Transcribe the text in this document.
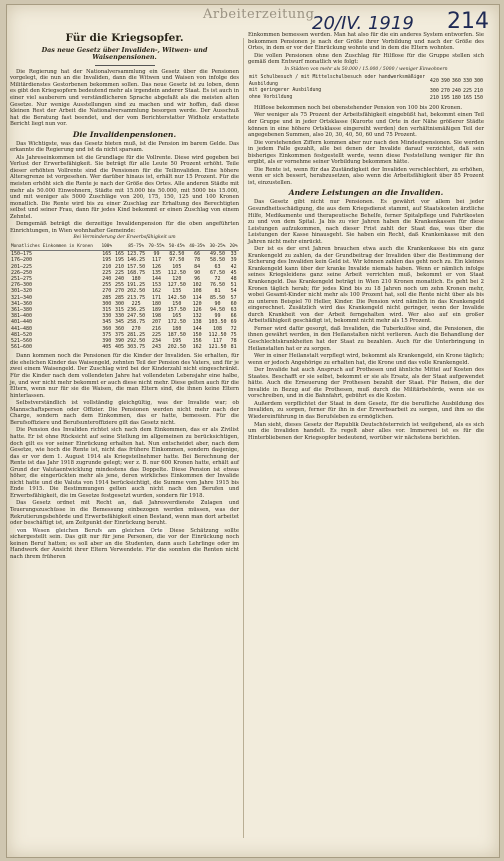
Arbeiterzeitung
20/IV. 1919 214
Für die Kriegsopfer.
Das neue Gesetz über Invaliden-, Witwen- und Waisenpensionen.

Die Regierung hat der Nationalversammlung ein Gesetz über die Pensionen vorgelegt, die nun an die Invaliden, dann die Witwen und Waisen von infolge des Militärdienstes Gestorbenen bekommen sollen. Das neue Gesetz ist zu loben, denn es gibt den Kriegsopfern bedeutend mehr als irgendein anderer Staat. Es ist auch in einer viel sauberern und verständlicheren Sprache abgefaßt als die meisten alten Gesetze. Nur wenige Ausstellungen sind zu machen und wir hoffen, daß diese kleinen Rest der Arbeit die Nationalversammlung besorgen werde. Der Ausschuß hat die Beratung fast beendet, und der vom Berichterstatter Widholz erstattete Bericht liegt nun vor.

Die Invalidenpensionen.

Das Wichtigste, was das Gesetz bieten muß, ist die Pension im barem Gelde. Das erkannte die Regierung und ist da nicht sparsam.

Als Jahreseinkommen ist die Grundlage für die Vollrente. Diese wird gegeben bei Verlust der Erwerbsfähigkeit. Sie beträgt für alle Leute 50 Prozent erhöht. Teile dieser erhöhten Vollrente sind die Pensionen für die Teilinvaliden. Eine höhere Altersgrenze ist vorgesehen. Wer darüber hinaus ist, erhält nur 15 Prozent. Für die meisten erhöht sich die Rente je nach der Größe des Ortes. Alle anderen Städte mit mehr als 50.000 Einwohnern, Städte mit 15.000 bis 50.000, mit 5000 bis 15.000, und mit weniger als 5000 Zuschläge von 200, 175, 150, 125 und 100 Kronen monatlich. Die Rente wird bis zu einer Zuschlag zur Erhaltung des Berechtigten selbst und seiner Frau, dann für jedes Kind bekommt er einen Zuschlag von einem Zehntel.

Demgemäß beträgt die derzeitige Invalidenpension für die oben angeführten Einrichtungen, in Wien wohnhafter Gemeinde:

Bei Verminderung der Erwerbsfähigkeit um
Monatliches Einkommen in Kronen	100%		85-75%	70-55%	50-45%	40-35%	30-25%	20%
150—175	165	165	123.75	99	82.50	66	49.50	33
176—200	195	195	146.25	117	97.50	78	58.50	39
201—225	210	210	157.50	126	105	84	63	42
226—250	225	225	168.75	135	112.50	90	67.50	45
251—275	240	240	180	144	120	96	72	48
276—300	255	255	191.25	153	127.50	102	76.50	51
301—320	270	270	202.50	162	135	108	81	54
321—340	285	285	213.75	171	142.50	114	85.50	57
341—360	300	300	225	180	150	120	90	60
361—380	315	315	236.25	189	157.50	126	94.50	63
381—400	330	330	247.50	198	165	132	99	66
401—440	345	345	258.75	207	172.50	138	103.50	69
441—480	360	360	270	216	180	144	108	72
481—520	375	375	281.25	225	187.50	150	112.50	75
521—560	390	390	292.50	234	195	156	117	78
561—600	405	405	303.75	243	202.50	162	121.50	81

Dann kommen noch die Pensionen für die Kinder der Invaliden. Sie erhalten, für die ehelichen Kinder das Waisengeld, zehnten Teil der Pension des Vaters, und für je zwei einem Waisengeld. Der Zuschlag wird bei der Kinderzahl nicht eingeschränkt. Für die Kinder nach dem vollendeten Jahre hat vollendeten Lebensjahr eine halbe, je, und wer nicht mehr bekommt er auch diese nicht mehr. Diese gelten auch für die Eltern, wenn nur für sie die Waisen, die man Eltern sind, die ihnen keine Eltern hinterlassen.

Selbstverständlich ist vollständig gleichgültig, was der Invalide war; ob Mannschaftsperson oder Offizier. Die Pensionen werden nicht mehr nach der Charge, sondern nach dem Einkommen, das er hatte, bemessen. Für die Berufsoffiziere und Berufsunteroffiziere gilt das Gesetz nicht.

Die Pension des Invaliden richtet sich nach dem Einkommen, das er als Zivilist hatte. Er ist ohne Rücksicht auf seine Stellung im allgemeinen zu berücksichtigen, doch gilt es vor seiner Einrückung erhalten hat. Nun entscheidet aber, nach dem Gesetze, wie hoch die Rente ist, nicht das frühere Einkommen, sondern dasjenige, das er vor dem 1. August 1914 als Kriegsteilnehmer hatte. Bei Berechnung der Rente ist das Jahr 1918 zugrunde gelegt; wer z. B. nur 600 Kronen hatte, erhält auf Grund der Valutaentwicklung mindestens das Doppelte. Diese Pension ist etwas höher, die eingerückten mehr als jene, deren wirkliches Einkommen der Invalide nicht hatte und die Valuta von 1914 berücksichtigt, die Summe vom Jahre 1915 bis Ende 1915. Die Bestimmungen gelten auch nicht nach den Berufen und Erwerbsfähigkeit, die im Gesetze festgesetzt wurden, sondern für 1918.

Das Gesetz ordnet mit Recht an, daß Jahresverdienste Zulagen und Teuerungszuschüsse in die Bemessung einbezogen werden müssen, was der Rekrutierungsbehörde und Erwerbsfähigkeit einen Bestand, wenn man dort arbeitet oder beschäftigt ist, am Zeitpunkt der Einrückung beruht.

von Wesen gleichen Berufs am gleichen Orte Diese Schätzung sollte sichergestellt sein. Das gilt nur für jene Personen, die vor der Einrückung noch keinen Beruf hatten; es soll aber an die Studenten, dann auch Lehrlinge oder im Handwerk der Ansicht ihrer Eltern Verwendete. Für die sonnten die Renten nicht nach ihrem früheren

Einkommen bemessen werden. Man hat also für die ein anderes System entworfen. Sie bekommen Pensionen je nach der Größe ihrer Vorbildung und nach der Größe des Ortes, in dem er vor der Einrückung wohnte und in dem die Eltern wohnten.

Die vollen Pensionen ohne den Zuschlag für Hilflose für die Gruppe stellen sich gemäß dem Entwurf monatlich wie folgt:

In Städten von mehr als 50.000 / 15.000 / 5000 / weniger Einwohnern
mit Schulbesuch / mit Mittelschulbesuch oder handwerksmäßiger Ausbildung	420	390	360	330	300
mit geringerer Ausbildung	300	270	240	225	210
ohne Vorbildung	210	195	180	165	150

Hilflose bekommen noch bei obenstehender Pension von 100 bis 200 Kronen.

Wer weniger als 75 Prozent der Arbeitsfähigkeit eingebüßt hat, bekommt einen Teil der Gruppe und in jeder Ortsklasse (Kurorte und Orte in der Nähe größerer Städte können in eine höhere Ortsklasse eingereiht werden) den verhältnismäßigen Teil der angegebenen Summen, also 20, 30, 40, 50, 60 und 75 Prozent.

Die vorstehenden Ziffern kommen aber nur nach den Mindestpensionen. Sie werden in jedem Falle gezahlt, alle bei denen der Invalide darauf verzichtet, daß sein bisheriges Einkommen festgestellt werde, wenn diese Feststellung weniger für ihn ergibt, als er vornehme seiner Vorbildung bekommen hätte.

Die Rente ist, wenn für das Zuständigkeit der Invaliden verschlechtert, zu erhöhen, wenn er sich bessert, herabzusetzen, also wenn die Arbeitsfähigkeit über 85 Prozent ist, einzustellen.

Andere Leistungen an die Invaliden.

Das Gesetz gibt nicht nur Pensionen. Es gewährt vor allem bei jeder Gesundheitsschädigung, die aus dem Kriegsdienst stammt, auf Staatskosten ärztliche Hilfe, Medikamente und therapeutische Behelfe, ferner Spitalpflege und Fahrtkosten zu und von dem Spital. Ja bis zu vier Jahren haben die Krankenkassen für diese Leistungen aufzukommen, nach dieser Frist zahlt der Staat das, was über die Leistungen der Kasse hinausgeht. Sie haben ein Recht, daß Krankenkasse mit den Jahren nicht mehr einrückt.

Der ist es der erst Jahren brauchen etwa auch die Krankenkasse bis ein ganz Krankengeld zu zahlen, da der Grundbeitrag der Invaliden über die Bestimmung der Sicherung des Invaliden kein Geld ist. Wir können zahlen das geht noch zu. Ein kleines Krankengeld kann über der kranke Invalide niemals haben. Wenn er nämlich infolge seines Kriegsleidens ganz seine Arbeit verrichten muß, bekommt er von Staat Krankengeld. Das Krankengeld beträgt in Wien 210 Kronen monatlich. Es geht bei 2 Kronen täglich herab; für jedes Kind bis zu 18 Jahren noch um zehn Kronen mehr, wobei Gesamt-Kinder nicht mehr als 100 Prozent hat, soll die Rente nicht über als bis zu unteren Beispiel 70 Heller, Kinder. Die Pension wird nämlich in das Krankengeld eingerechnet. Zusätzlich wird das Krankengeld nicht geringer, wenn der Invalide durch Krankheit von der Arbeit ferngehalten wird. Wer also auf ein großer Arbeitsfähigkeit geschädigt ist, bekommt nicht mehr als 15 Prozent.

Ferner wird dafür gesorgt, daß Invaliden, die Tuberkulöse sind, die Pensionen, die ihnen gewährt werden, in den Heilanstalten nicht verlieren. Auch die Behandlung der Geschlechtskrankheiten hat der Staat zu bezahlen. Auch für die Unterbringung in Heilanstalten hat er zu sorgen.

Wer in einer Heilanstalt verpflegt wird, bekommt als Krankengeld, ein Krone täglich; wenn er jedoch Angehörige zu erhalten hat, die Krone und das volle Krankengeld.

Der Invalide hat auch Anspruch auf Prothesen und ähnliche Mittel auf Kosten des Staates. Beschafft er sie selbst, bekommt er sie als Ersatz, als der Staat aufgewendet hätte. Auch die Erneuerung der Prothesen bezahlt der Staat. Für Reisen, die der Invalide in Bezug auf die Prothesen, muß durch die Militärbehörde, wenn sie es vorschreiben, und in die Bahnfahrt, gebührt es die Kosten.

Außerdem verpflichtet der Staat in dem Gesetz, für die berufliche Ausbildung des Invaliden, zu sorgen, ferner für ihn in der Erwerbsarbeit zu sorgen, und ihm so die Wiedereinführung in das Berufsleben zu ermöglichen.

Man sieht, dieses Gesetz der Republik Deutschösterreich ist weitgehend, als es sich um die Invaliden handelt. Es regelt aber alles vor. Immerwei ist es für die Hinterbliebenen der Kriegsopfer bedeutend, worüber wir nächstens berichten.
